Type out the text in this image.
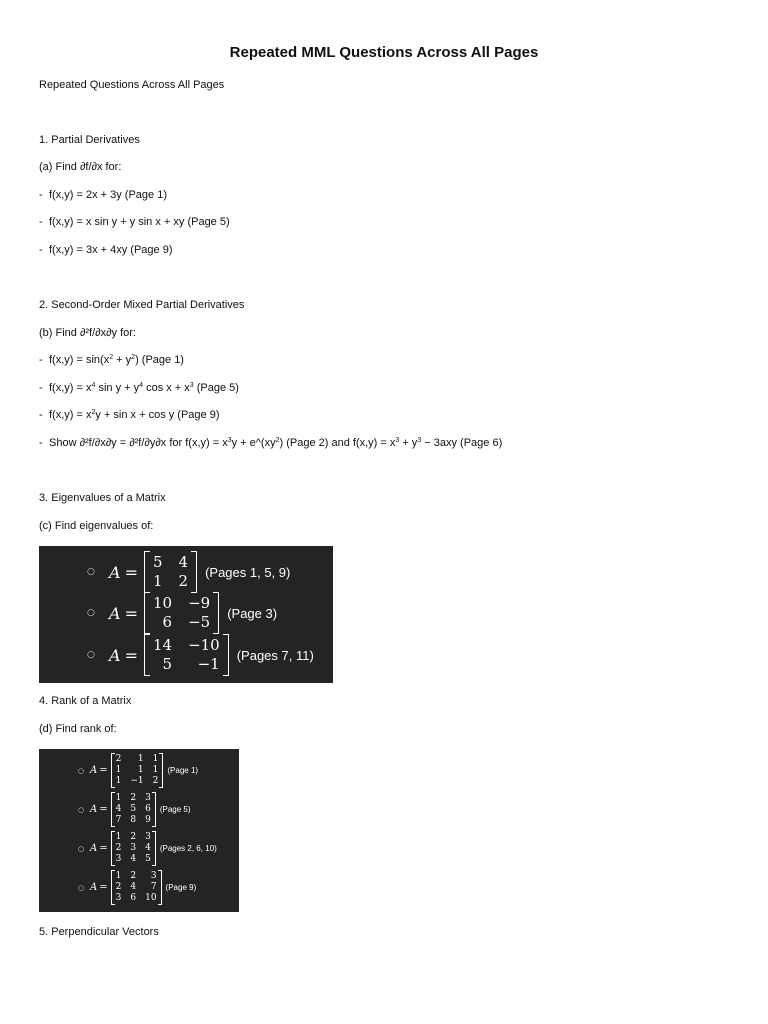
Repeated MML Questions Across All Pages
Repeated Questions Across All Pages
1. Partial Derivatives
(a) Find ∂f/∂x for:
- f(x,y) = 2x + 3y (Page 1)
- f(x,y) = x sin y + y sin x + xy (Page 5)
- f(x,y) = 3x + 4xy (Page 9)
2. Second-Order Mixed Partial Derivatives
(b) Find ∂²f/∂x∂y for:
- $f(x,y) = \sin(x^2 + y^2)$ (Page 1)
- $f(x,y) = x^4$ $\sin y + y^4$ $\cos x + x^3$ (Page 5)
- $f(x,y) = x^2y + \sin x + \cos y$ (Page 9)
- Show ∂²f/∂x∂y = ∂²f/∂y∂x for $f(x,y) = x^3y$ + $e\^{}(xy^2)$ (Page 2) and $f(x,y) = x^3 + y^3 - 3axy$ (Page 6)
3. Eigenvalues of a Matrix
(c) Find eigenvalues of:
○ A =
5 4
1 2 (Pages 1, 5, 9)
○ A =
10 −9
6 −5 (Page 3)
○ A =
14 −10
5	−1 (Pages 7, 11)
4. Rank of a Matrix
(d) Find rank of:
○ A =
2	1 1
1	1 1
1 −1 2
(Page 1)
○ A =
1 2 3
4 5 6
7 8 9
(Page 5)
○ A =
1 2 3
2 3 4
3 4 5
(Pages 2, 6, 10)
○ A =
1 2	3
2 4	7
3 6 10
(Page 9)
5. Perpendicular Vectors
